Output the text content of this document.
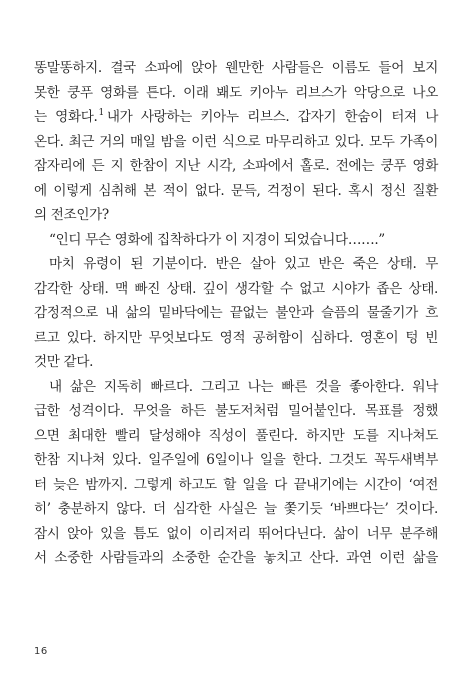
똥말똥하지. 결국 소파에 앉아 웬만한 사람들은 이름도 들어 보지
못한 쿵푸 영화를 튼다. 이래 봬도 키아누 리브스가 악당으로 나오
는 영화다.$^1$ 내가 사랑하는 키아누 리브스. 갑자기 한숨이 터져 나
온다. 최근 거의 매일 밤을 이런 식으로 마무리하고 있다. 모두 가족이
잠자리에 든 지 한참이 지난 시각, 소파에서 홀로. 전에는 쿵푸 영화
에 이렇게 심취해 본 적이 없다. 문득, 걱정이 된다. 혹시 정신 질환
의 전조인가?
“인디 무슨 영화에 집착하다가 이 지경이 되었습니다…….”
마치 유령이 된 기분이다. 반은 살아 있고 반은 죽은 상태. 무
감각한 상태. 맥 빠진 상태. 깊이 생각할 수 없고 시야가 좁은 상태.
감정적으로 내 삶의 밑바닥에는 끝없는 불안과 슬픔의 물줄기가 흐
르고 있다. 하지만 무엇보다도 영적 공허함이 심하다. 영혼이 텅 빈
것만 같다.
내 삶은 지독히 빠르다. 그리고 나는 빠른 것을 좋아한다. 워낙
급한 성격이다. 무엇을 하든 불도저처럼 밀어붙인다. 목표를 정했
으면 최대한 빨리 달성해야 직성이 풀린다. 하지만 도를 지나쳐도
한참 지나쳐 있다. 일주일에 6일이나 일을 한다. 그것도 꼭두새벽부
터 늦은 밤까지. 그렇게 하고도 할 일을 다 끝내기에는 시간이 ‘여전
히’ 충분하지 않다. 더 심각한 사실은 늘 쫓기듯 ‘바쁘다는’ 것이다.
잠시 앉아 있을 틈도 없이 이리저리 뛰어다닌다. 삶이 너무 분주해
서 소중한 사람들과의 소중한 순간을 놓치고 산다. 과연 이런 삶을
16
